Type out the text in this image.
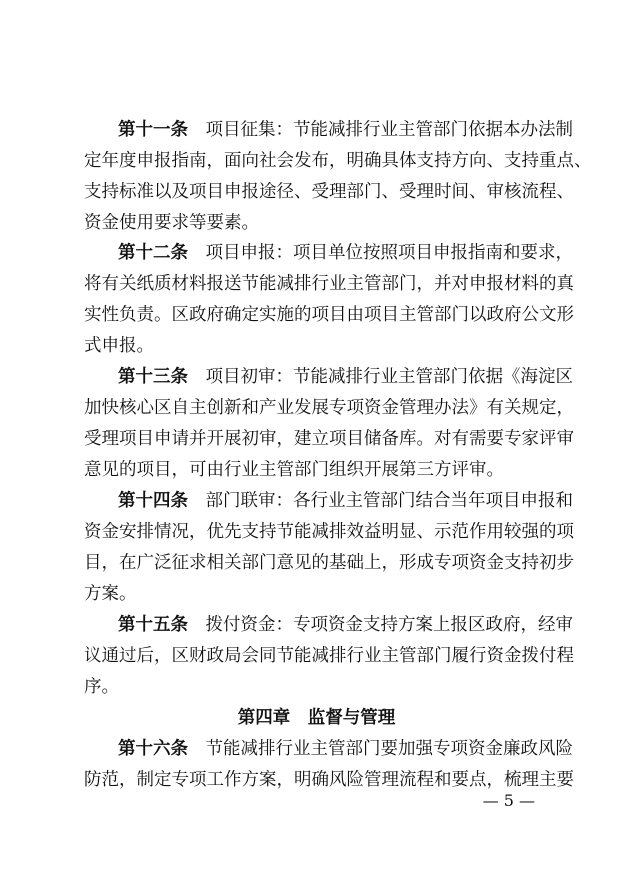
第十一条　 项目征集：节能减排行业主管部门依据本办法制
定年度申报指南，面向社会发布，明确具体支持方向、支持重点、
支持标准以及项目申报途径、受理部门、受理时间、审核流程、
资金使用要求等要素。
第十二条　 项目申报：项目单位按照项目申报指南和要求，
将有关纸质材料报送节能减排行业主管部门，并对申报材料的真
实性负责。区政府确定实施的项目由项目主管部门以政府公文形
式申报。
第十三条　 项目初审：节能减排行业主管部门依据《海淀区
加快核心区自主创新和产业发展专项资金管理办法》有关规定，
受理项目申请并开展初审，建立项目储备库。对有需要专家评审
意见的项目，可由行业主管部门组织开展第三方评审。
第十四条　 部门联审：各行业主管部门结合当年项目申报和
资金安排情况，优先支持节能减排效益明显、示范作用较强的项
目，在广泛征求相关部门意见的基础上，形成专项资金支持初步
方案。
第十五条　 拨付资金：专项资金支持方案上报区政府，经审
议通过后，区财政局会同节能减排行业主管部门履行资金拨付程
序。
第四章　监督与管理
第十六条　 节能减排行业主管部门要加强专项资金廉政风险
防范，制定专项工作方案，明确风险管理流程和要点，梳理主要
— 5 —
